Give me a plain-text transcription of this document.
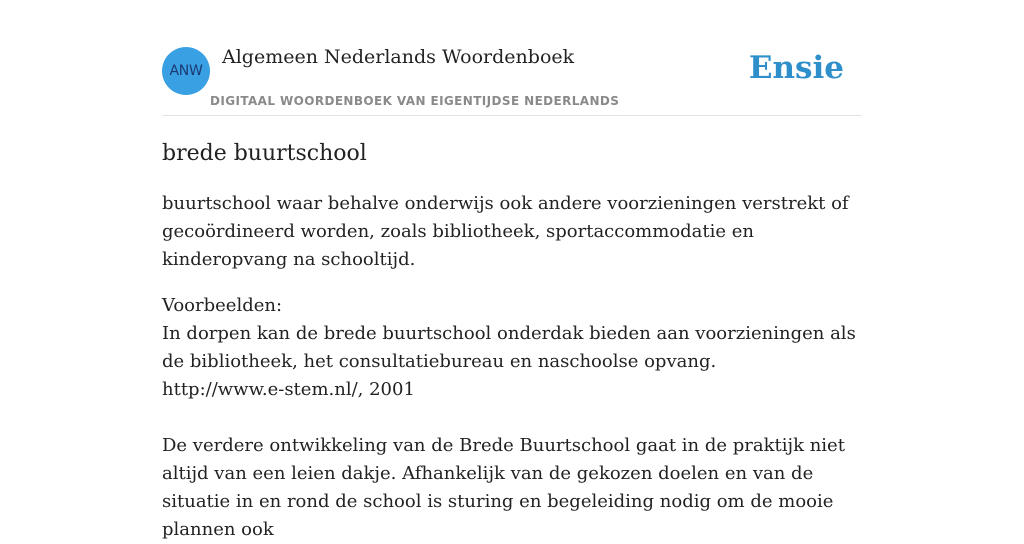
ANW
Algemeen Nederlands Woordenboek
DIGITAAL WOORDENBOEK VAN EIGENTIJDSE NEDERLANDS
Ensie
brede buurtschool

buurtschool waar behalve onderwijs ook andere voorzieningen verstrekt of gecoördineerd worden, zoals bibliotheek, sportaccommodatie en kinderopvang na schooltijd.

Voorbeelden:
In dorpen kan de brede buurtschool onderdak bieden aan voorzieningen als de bibliotheek, het consultatiebureau en naschoolse opvang.
http://www.e-stem.nl/, 2001
De verdere ontwikkeling van de Brede Buurtschool gaat in de praktijk niet altijd van een leien dakje. Afhankelijk van de gekozen doelen en van de situatie in en rond de school is sturing en begeleiding nodig om de mooie plannen ook
